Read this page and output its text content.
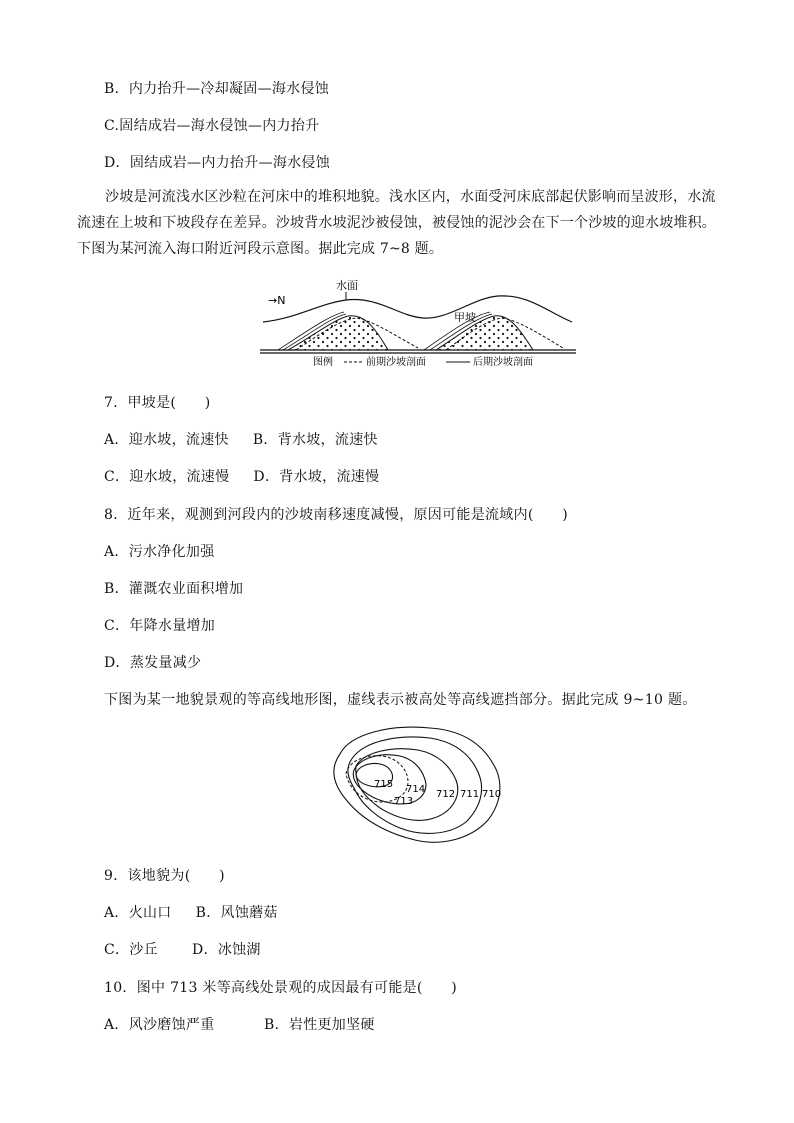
B．内力抬升—冷却凝固—海水侵蚀
C.固结成岩—海水侵蚀—内力抬升
D．固结成岩—内力抬升—海水侵蚀
沙坡是河流浅水区沙粒在河床中的堆积地貌。浅水区内，水面受河床底部起伏影响而呈波形，水流流速在上坡和下坡段存在差异。沙坡背水坡泥沙被侵蚀，被侵蚀的泥沙会在下一个沙坡的迎水坡堆积。下图为某河流入海口附近河段示意图。据此完成 7~8 题。
→N
水面
甲坡
图例	前期沙坡剖面	后期沙坡剖面
7．甲坡是(　　)
A．迎水坡，流速快 B．背水坡，流速快
C．迎水坡，流速慢 D．背水坡，流速慢
8．近年来，观测到河段内的沙坡南移速度减慢，原因可能是流域内(　　)
A．污水净化加强
B．灌溉农业面积增加
C．年降水量增加
D．蒸发量减少
下图为某一地貌景观的等高线地形图，虚线表示被高处等高线遮挡部分。据此完成 9~10 题。
715 714
713
712 711 710
9．该地貌为(　　)
A．火山口 B．风蚀蘑菇
C．沙丘 D．冰蚀湖
10．图中 713 米等高线处景观的成因最有可能是(　　)
A．风沙磨蚀严重	B．岩性更加坚硬
